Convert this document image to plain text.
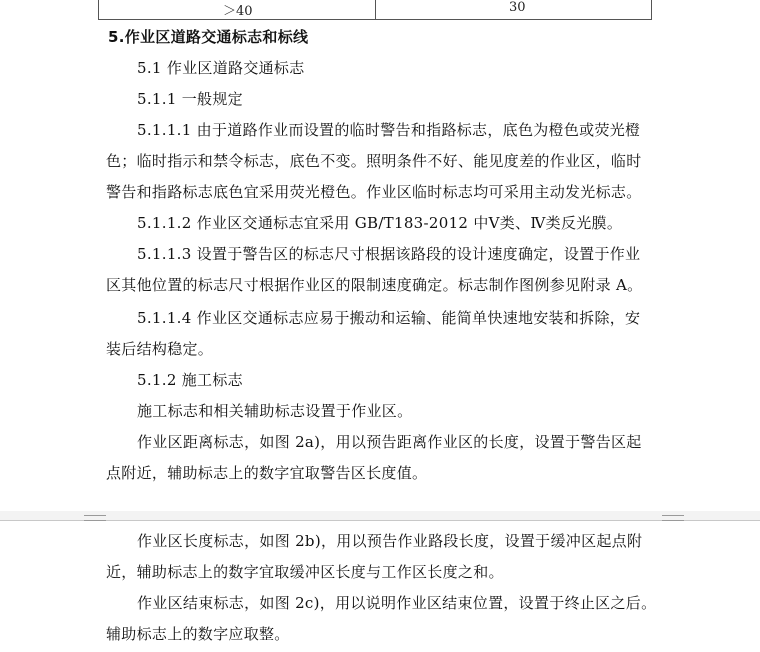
＞40	30
5.作业区道路交通标志和标线
5.1 作业区道路交通标志
5.1.1 一般规定
5.1.1.1 由于道路作业而设置的临时警告和指路标志，底色为橙色或荧光橙
色；临时指示和禁令标志，底色不变。照明条件不好、能见度差的作业区，临时
警告和指路标志底色宜采用荧光橙色。作业区临时标志均可采用主动发光标志。
5.1.1.2 作业区交通标志宜采用 GB/T183-2012 中Ⅴ类、Ⅳ类反光膜。
5.1.1.3 设置于警告区的标志尺寸根据该路段的设计速度确定，设置于作业
区其他位置的标志尺寸根据作业区的限制速度确定。标志制作图例参见附录 A。
5.1.1.4 作业区交通标志应易于搬动和运输、能简单快速地安装和拆除，安
装后结构稳定。
5.1.2 施工标志
施工标志和相关辅助标志设置于作业区。
作业区距离标志，如图 2a)，用以预告距离作业区的长度，设置于警告区起
点附近，辅助标志上的数字宜取警告区长度值。
作业区长度标志，如图 2b)，用以预告作业路段长度，设置于缓冲区起点附
近，辅助标志上的数字宜取缓冲区长度与工作区长度之和。
作业区结束标志，如图 2c)，用以说明作业区结束位置，设置于终止区之后。
辅助标志上的数字应取整。
